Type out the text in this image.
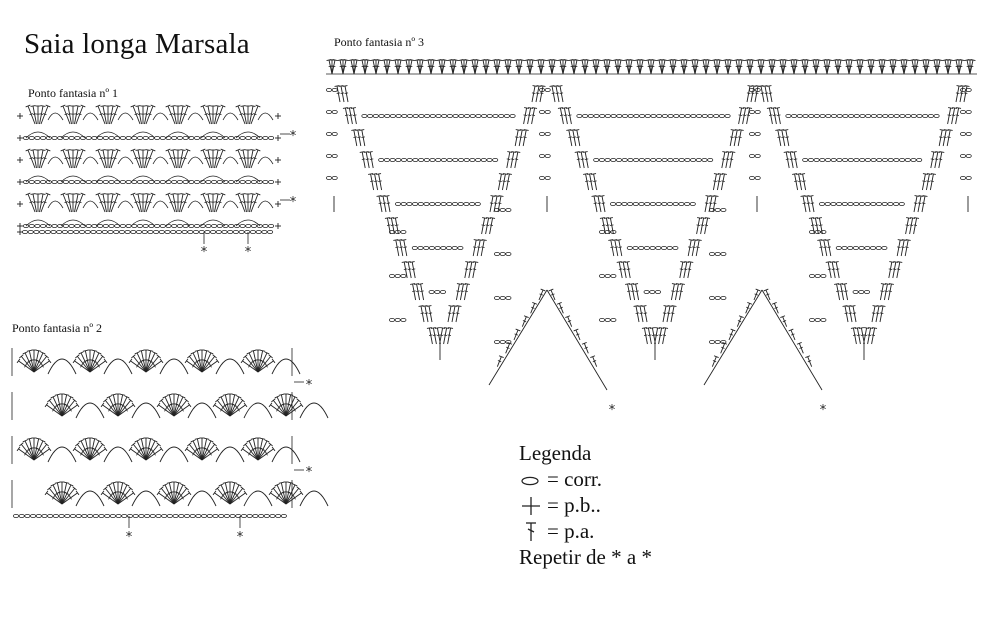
Saia longa Marsala
Ponto fantasia nº 1
Ponto fantasia nº 2
Ponto fantasia nº 3
*	*
*
*
*	*
*
*
*	*
Legenda
= corr.
= p.b..
= p.a.
Repetir de * a *
